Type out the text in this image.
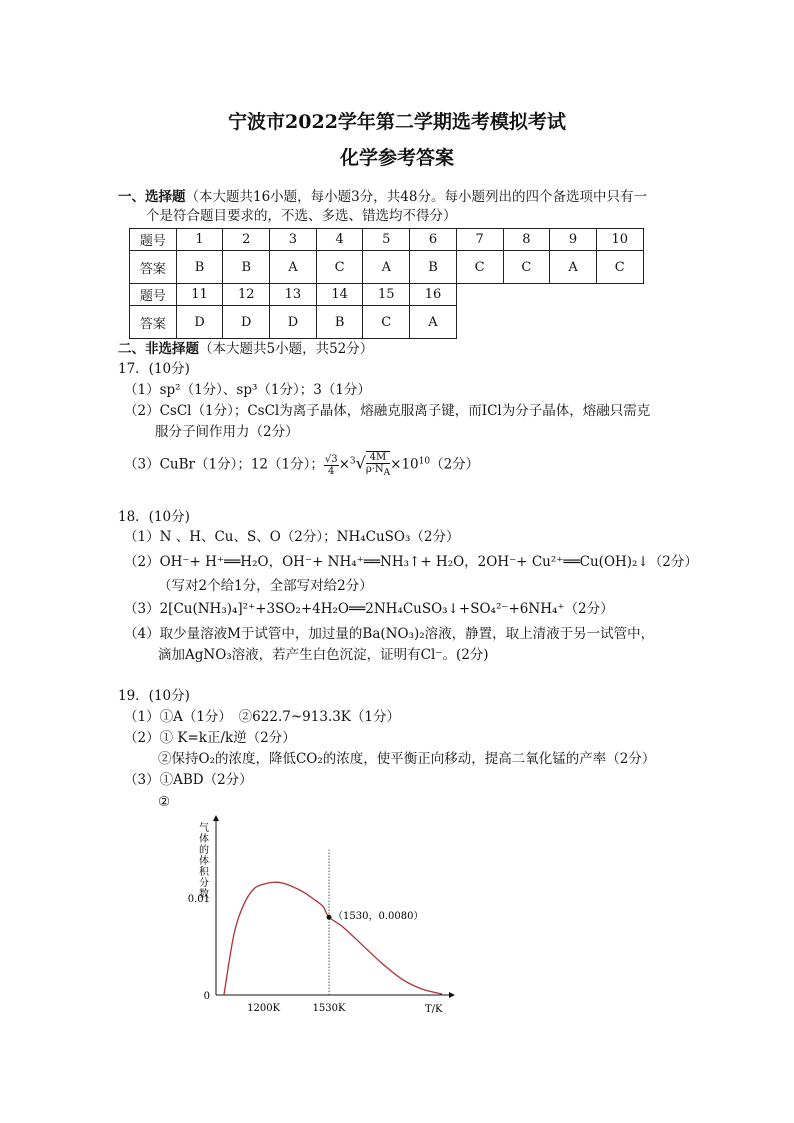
宁波市2022学年第二学期选考模拟考试
化学参考答案
一、选择题（本大题共16小题，每小题3分，共48分。每小题列出的四个备选项中只有一
个是符合题目要求的，不选、多选、错选均不得分）
题号	1	2	3	4	5	6	7	8	9	10
答案	B	B	A	C	A	B	C	C	A	C
题号	11	12	13	14	15	16				
答案	D	D	D	B	C	A				
二、非选择题（本大题共5小题，共52分）
17．(10分)
（1）sp²（1分）、sp³（1分）；3（1分）
（2）CsCl（1分）；CsCl为离子晶体，熔融克服离子键，而ICl为分子晶体，熔融只需克
服分子间作用力（2分）
（3）CuBr（1分）；12（1分）； $\frac{√3}{4}\times^3√ \frac{4M}{\rho\cdot NA}\times 10^{10}(2$分）
18．(10分)
（1）N 、H、Cu、S、O（2分）；NH₄CuSO₃（2分）
（2）OH⁻+ H⁺══H₂O，OH⁻+ NH₄⁺══NH₃↑+ H₂O，2OH⁻+ Cu²⁺══Cu(OH)₂↓（2分）
（写对2个给1分，全部写对给2分）
（3）2[Cu(NH₃)₄]²⁺+3SO₂+4H₂O══2NH₄CuSO₃↓+SO₄²⁻+6NH₄⁺（2分）
（4）取少量溶液M于试管中，加过量的Ba(NO₃)₂溶液，静置，取上清液于另一试管中，
滴加AgNO₃溶液，若产生白色沉淀，证明有Cl⁻。(2分)
19．(10分)
（1）①A（1分）　②622.7~913.3K（1分）
（2）① K=k正/k逆（2分）
②保持O₂的浓度，降低CO₂的浓度，使平衡正向移动，提高二氧化锰的产率（2分）
（3）①ABD（2分）
②
气体的体积分数
T/K
1200K	1530K
0
0.01
（1530，0.0080）
